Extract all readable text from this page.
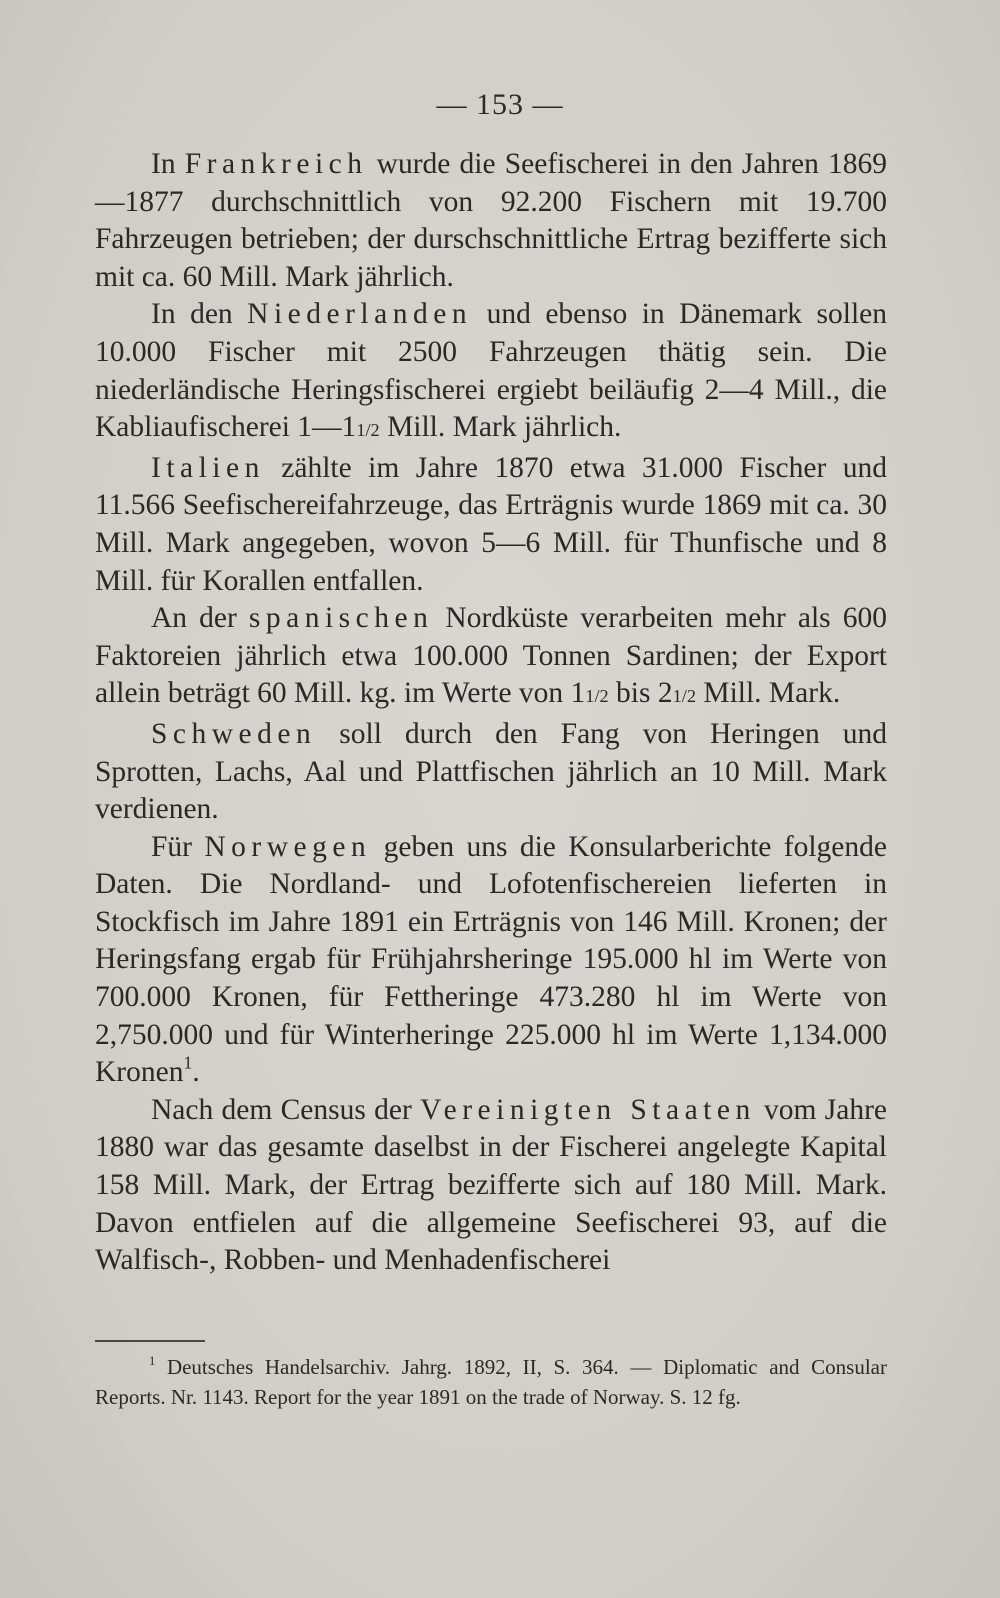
— 153 —

In Frankreich wurde die Seefischerei in den Jahren 1869—1877 durchschnittlich von 92.200 Fischern mit 19.700 Fahrzeugen betrieben; der durschschnittliche Ertrag bezifferte sich mit ca. 60 Mill. Mark jährlich.

In den Niederlanden und ebenso in Dänemark sollen 10.000 Fischer mit 2500 Fahrzeugen thätig sein. Die niederländische Heringsfischerei ergiebt beiläufig 2—4 Mill., die Kabliaufischerei 1—11/2 Mill. Mark jährlich.

Italien zählte im Jahre 1870 etwa 31.000 Fischer und 11.566 Seefischereifahrzeuge, das Erträgnis wurde 1869 mit ca. 30 Mill. Mark angegeben, wovon 5—6 Mill. für Thunfische und 8 Mill. für Korallen entfallen.

An der spanischen Nordküste verarbeiten mehr als 600 Faktoreien jährlich etwa 100.000 Tonnen Sardinen; der Export allein beträgt 60 Mill. kg. im Werte von 11/2 bis 21/2 Mill. Mark.

Schweden soll durch den Fang von Heringen und Sprotten, Lachs, Aal und Plattfischen jährlich an 10 Mill. Mark verdienen.

Für Norwegen geben uns die Konsularberichte folgende Daten. Die Nordland- und Lofotenfischereien lieferten in Stockfisch im Jahre 1891 ein Erträgnis von 146 Mill. Kronen; der Heringsfang ergab für Frühjahrsheringe 195.000 hl im Werte von 700.000 Kronen, für Fettheringe 473.280 hl im Werte von 2,750.000 und für Winterheringe 225.000 hl im Werte 1,134.000 Kronen$^1$.

Nach dem Census der Vereinigten Staaten vom Jahre 1880 war das gesamte daselbst in der Fischerei angelegte Kapital 158 Mill. Mark, der Ertrag bezifferte sich auf 180 Mill. Mark. Davon entfielen auf die allgemeine Seefischerei 93, auf die Walfisch-, Robben- und Menhadenfischerei

$^1$ Deutsches Handelsarchiv. Jahrg. 1892, II, S. 364. — Diplomatic and Consular Reports. Nr. 1143. Report for the year 1891 on the trade of Norway. S. 12 fg.
